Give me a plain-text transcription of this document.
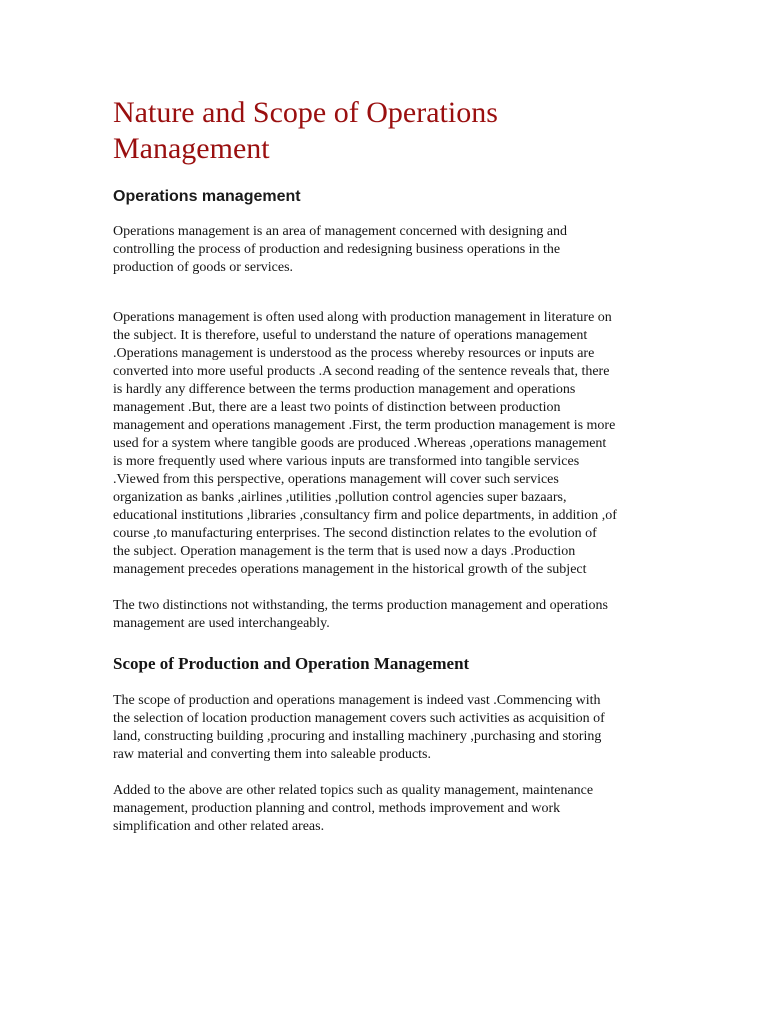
Nature and Scope of Operations
Management
Operations management

Operations management is an area of management concerned with designing and
controlling the process of production and redesigning business operations in the
production of goods or services.

Operations management is often used along with production management in literature on
the subject. It is therefore, useful to understand the nature of operations management
.Operations management is understood as the process whereby resources or inputs are
converted into more useful products .A second reading of the sentence reveals that, there
is hardly any difference between the terms production management and operations
management .But, there are a least two points of distinction between production
management and operations management .First, the term production management is more
used for a system where tangible goods are produced .Whereas ,operations management
is more frequently used where various inputs are transformed into tangible services
.Viewed from this perspective, operations management will cover such services
organization as banks ,airlines ,utilities ,pollution control agencies super bazaars,
educational institutions ,libraries ,consultancy firm and police departments, in addition ,of
course ,to manufacturing enterprises. The second distinction relates to the evolution of
the subject. Operation management is the term that is used now a days .Production
management precedes operations management in the historical growth of the subject

The two distinctions not withstanding, the terms production management and operations
management are used interchangeably.

Scope of Production and Operation Management

The scope of production and operations management is indeed vast .Commencing with
the selection of location production management covers such activities as acquisition of
land, constructing building ,procuring and installing machinery ,purchasing and storing
raw material and converting them into saleable products.

Added to the above are other related topics such as quality management, maintenance
management, production planning and control, methods improvement and work
simplification and other related areas.
